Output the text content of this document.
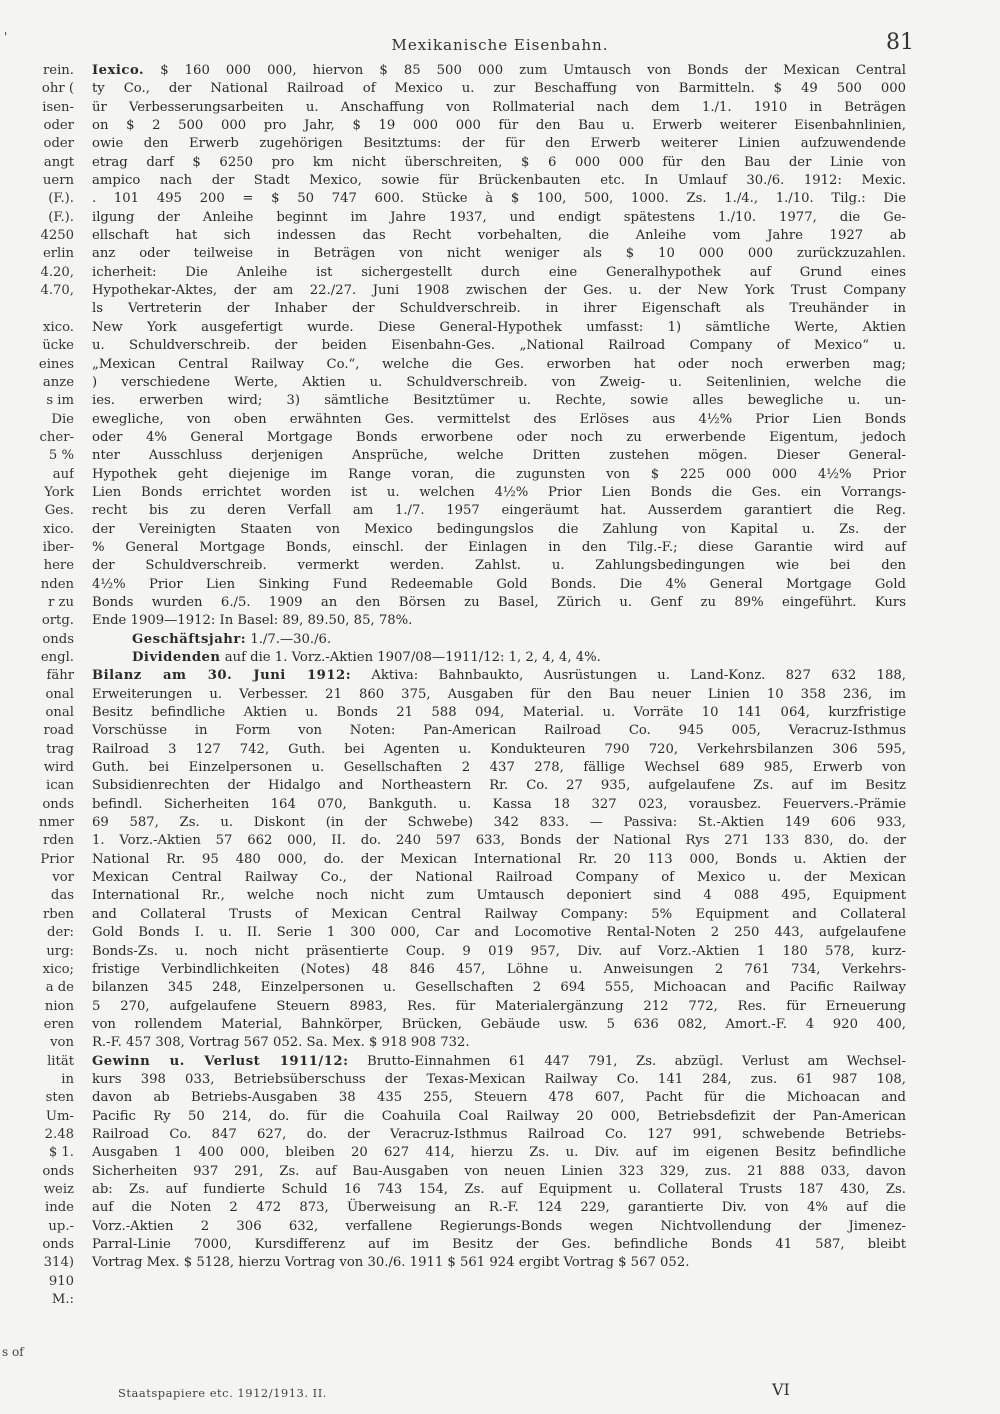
'	Mexikanische Eisenbahn.	81
rein.
ohr (
isen-
oder
oder
angt
uern
(F.).
(F.).
4250
erlin
4.20,
4.70,

xico.
ücke
eines
anze
s im
Die
cher-
5 %
auf
York
Ges.
xico.
iber-
here
nden
r zu
ortg.
onds
engl.
fähr
onal
onal
road
trag
wird
ican
onds
nmer
rden
Prior
vor
das
rben
der:
urg:
xico;
a de
nion
eren
von
lität
in
sten
Um-
2.48
$ 1.
onds
weiz
inde
up.-
onds
314)
910
M.:
Iexico. $ 160 000 000, hiervon $ 85 500 000 zum Umtausch von Bonds der Mexican Central
ty Co., der National Railroad of Mexico u. zur Beschaffung von Barmitteln. $ 49 500 000
ür Verbesserungsarbeiten u. Anschaffung von Rollmaterial nach dem 1./1. 1910 in Beträgen
on $ 2 500 000 pro Jahr, $ 19 000 000 für den Bau u. Erwerb weiterer Eisenbahnlinien,
owie den Erwerb zugehörigen Besitztums: der für den Erwerb weiterer Linien aufzuwendende
etrag darf $ 6250 pro km nicht überschreiten, $ 6 000 000 für den Bau der Linie von
ampico nach der Stadt Mexico, sowie für Brückenbauten etc. In Umlauf 30./6. 1912: Mexic.
. 101 495 200 = $ 50 747 600. Stücke à $ 100, 500, 1000. Zs. 1./4., 1./10. Tilg.: Die
ilgung der Anleihe beginnt im Jahre 1937, und endigt spätestens 1./10. 1977, die Ge-
ellschaft hat sich indessen das Recht vorbehalten, die Anleihe vom Jahre 1927 ab
anz oder teilweise in Beträgen von nicht weniger als $ 10 000 000 zurückzuzahlen.
icherheit: Die Anleihe ist sichergestellt durch eine Generalhypothek auf Grund eines
Hypothekar-Aktes, der am 22./27. Juni 1908 zwischen der Ges. u. der New York Trust Company
ls Vertreterin der Inhaber der Schuldverschreib. in ihrer Eigenschaft als Treuhänder in
New York ausgefertigt wurde. Diese General-Hypothek umfasst: 1) sämtliche Werte, Aktien
u. Schuldverschreib. der beiden Eisenbahn-Ges. „National Railroad Company of Mexico“ u.
„Mexican Central Railway Co.“, welche die Ges. erworben hat oder noch erwerben mag;
) verschiedene Werte, Aktien u. Schuldverschreib. von Zweig- u. Seitenlinien, welche die
ies. erwerben wird; 3) sämtliche Besitztümer u. Rechte, sowie alles bewegliche u. un-
ewegliche, von oben erwähnten Ges. vermittelst des Erlöses aus 4½% Prior Lien Bonds
oder 4% General Mortgage Bonds erworbene oder noch zu erwerbende Eigentum, jedoch
nter Ausschluss derjenigen Ansprüche, welche Dritten zustehen mögen. Dieser General-
Hypothek geht diejenige im Range voran, die zugunsten von $ 225 000 000 4½% Prior
Lien Bonds errichtet worden ist u. welchen 4½% Prior Lien Bonds die Ges. ein Vorrangs-
recht bis zu deren Verfall am 1./7. 1957 eingeräumt hat. Ausserdem garantiert die Reg.
der Vereinigten Staaten von Mexico bedingungslos die Zahlung von Kapital u. Zs. der
% General Mortgage Bonds, einschl. der Einlagen in den Tilg.-F.; diese Garantie wird auf
der Schuldverschreib. vermerkt werden. Zahlst. u. Zahlungsbedingungen wie bei den
4½% Prior Lien Sinking Fund Redeemable Gold Bonds. Die 4% General Mortgage Gold
Bonds wurden 6./5. 1909 an den Börsen zu Basel, Zürich u. Genf zu 89% eingeführt. Kurs
Ende 1909—1912: In Basel: 89, 89.50, 85, 78%.
Geschäftsjahr: 1./7.—30./6.
Dividenden auf die 1. Vorz.-Aktien 1907/08—1911/12: 1, 2, 4, 4, 4%.
Bilanz am 30. Juni 1912: Aktiva: Bahnbaukto, Ausrüstungen u. Land-Konz. 827 632 188,
Erweiterungen u. Verbesser. 21 860 375, Ausgaben für den Bau neuer Linien 10 358 236, im
Besitz befindliche Aktien u. Bonds 21 588 094, Material. u. Vorräte 10 141 064, kurzfristige
Vorschüsse in Form von Noten: Pan-American Railroad Co. 945 005, Veracruz-Isthmus
Railroad 3 127 742, Guth. bei Agenten u. Kondukteuren 790 720, Verkehrsbilanzen 306 595,
Guth. bei Einzelpersonen u. Gesellschaften 2 437 278, fällige Wechsel 689 985, Erwerb von
Subsidienrechten der Hidalgo and Northeastern Rr. Co. 27 935, aufgelaufene Zs. auf im Besitz
befindl. Sicherheiten 164 070, Bankguth. u. Kassa 18 327 023, vorausbez. Feuervers.-Prämie
69 587, Zs. u. Diskont (in der Schwebe) 342 833. — Passiva: St.-Aktien 149 606 933,
1. Vorz.-Aktien 57 662 000, II. do. 240 597 633, Bonds der National Rys 271 133 830, do. der
National Rr. 95 480 000, do. der Mexican International Rr. 20 113 000, Bonds u. Aktien der
Mexican Central Railway Co., der National Railroad Company of Mexico u. der Mexican
International Rr., welche noch nicht zum Umtausch deponiert sind 4 088 495, Equipment
and Collateral Trusts of Mexican Central Railway Company: 5% Equipment and Collateral
Gold Bonds I. u. II. Serie 1 300 000, Car and Locomotive Rental-Noten 2 250 443, aufgelaufene
Bonds-Zs. u. noch nicht präsentierte Coup. 9 019 957, Div. auf Vorz.-Aktien 1 180 578, kurz-
fristige Verbindlichkeiten (Notes) 48 846 457, Löhne u. Anweisungen 2 761 734, Verkehrs-
bilanzen 345 248, Einzelpersonen u. Gesellschaften 2 694 555, Michoacan and Pacific Railway
5 270, aufgelaufene Steuern 8983, Res. für Materialergänzung 212 772, Res. für Erneuerung
von rollendem Material, Bahnkörper, Brücken, Gebäude usw. 5 636 082, Amort.-F. 4 920 400,
R.-F. 457 308, Vortrag 567 052. Sa. Mex. $ 918 908 732.
Gewinn u. Verlust 1911/12: Brutto-Einnahmen 61 447 791, Zs. abzügl. Verlust am Wechsel-
kurs 398 033, Betriebsüberschuss der Texas-Mexican Railway Co. 141 284, zus. 61 987 108,
davon ab Betriebs-Ausgaben 38 435 255, Steuern 478 607, Pacht für die Michoacan and
Pacific Ry 50 214, do. für die Coahuila Coal Railway 20 000, Betriebsdefizit der Pan-American
Railroad Co. 847 627, do. der Veracruz-Isthmus Railroad Co. 127 991, schwebende Betriebs-
Ausgaben 1 400 000, bleiben 20 627 414, hierzu Zs. u. Div. auf im eigenen Besitz befindliche
Sicherheiten 937 291, Zs. auf Bau-Ausgaben von neuen Linien 323 329, zus. 21 888 033, davon
ab: Zs. auf fundierte Schuld 16 743 154, Zs. auf Equipment u. Collateral Trusts 187 430, Zs.
auf die Noten 2 472 873, Überweisung an R.-F. 124 229, garantierte Div. von 4% auf die
Vorz.-Aktien 2 306 632, verfallene Regierungs-Bonds wegen Nichtvollendung der Jimenez-
Parral-Linie 7000, Kursdifferenz auf im Besitz der Ges. befindliche Bonds 41 587, bleibt
Vortrag Mex. $ 5128, hierzu Vortrag von 30./6. 1911 $ 561 924 ergibt Vortrag $ 567 052.
s of
Staatspapiere etc. 1912/1913. II.	VI
